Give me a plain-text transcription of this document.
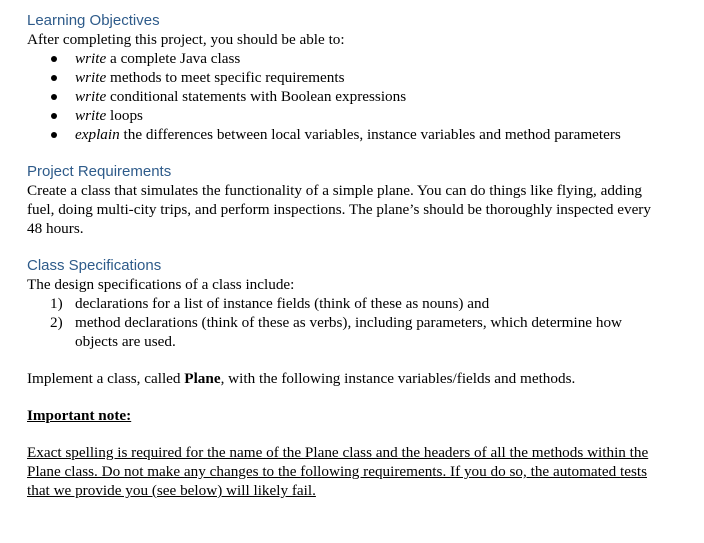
Learning Objectives

After completing this project, you should be able to:

write a complete Java class
write methods to meet specific requirements
write conditional statements with Boolean expressions
write loops
explain the differences between local variables, instance variables and method parameters
Project Requirements

Create a class that simulates the functionality of a simple plane. You can do things like flying, adding fuel, doing multi-city trips, and perform inspections. The plane’s should be thoroughly inspected every 48 hours.

Class Specifications

The design specifications of a class include:

1) declarations for a list of instance fields (think of these as nouns) and
2) method declarations (think of these as verbs), including parameters, which determine how objects are used.

Implement a class, called Plane, with the following instance variables/fields and methods.

Important note:

Exact spelling is required for the name of the Plane class and the headers of all the methods within the Plane class. Do not make any changes to the following requirements. If you do so, the automated tests that we provide you (see below) will likely fail.
